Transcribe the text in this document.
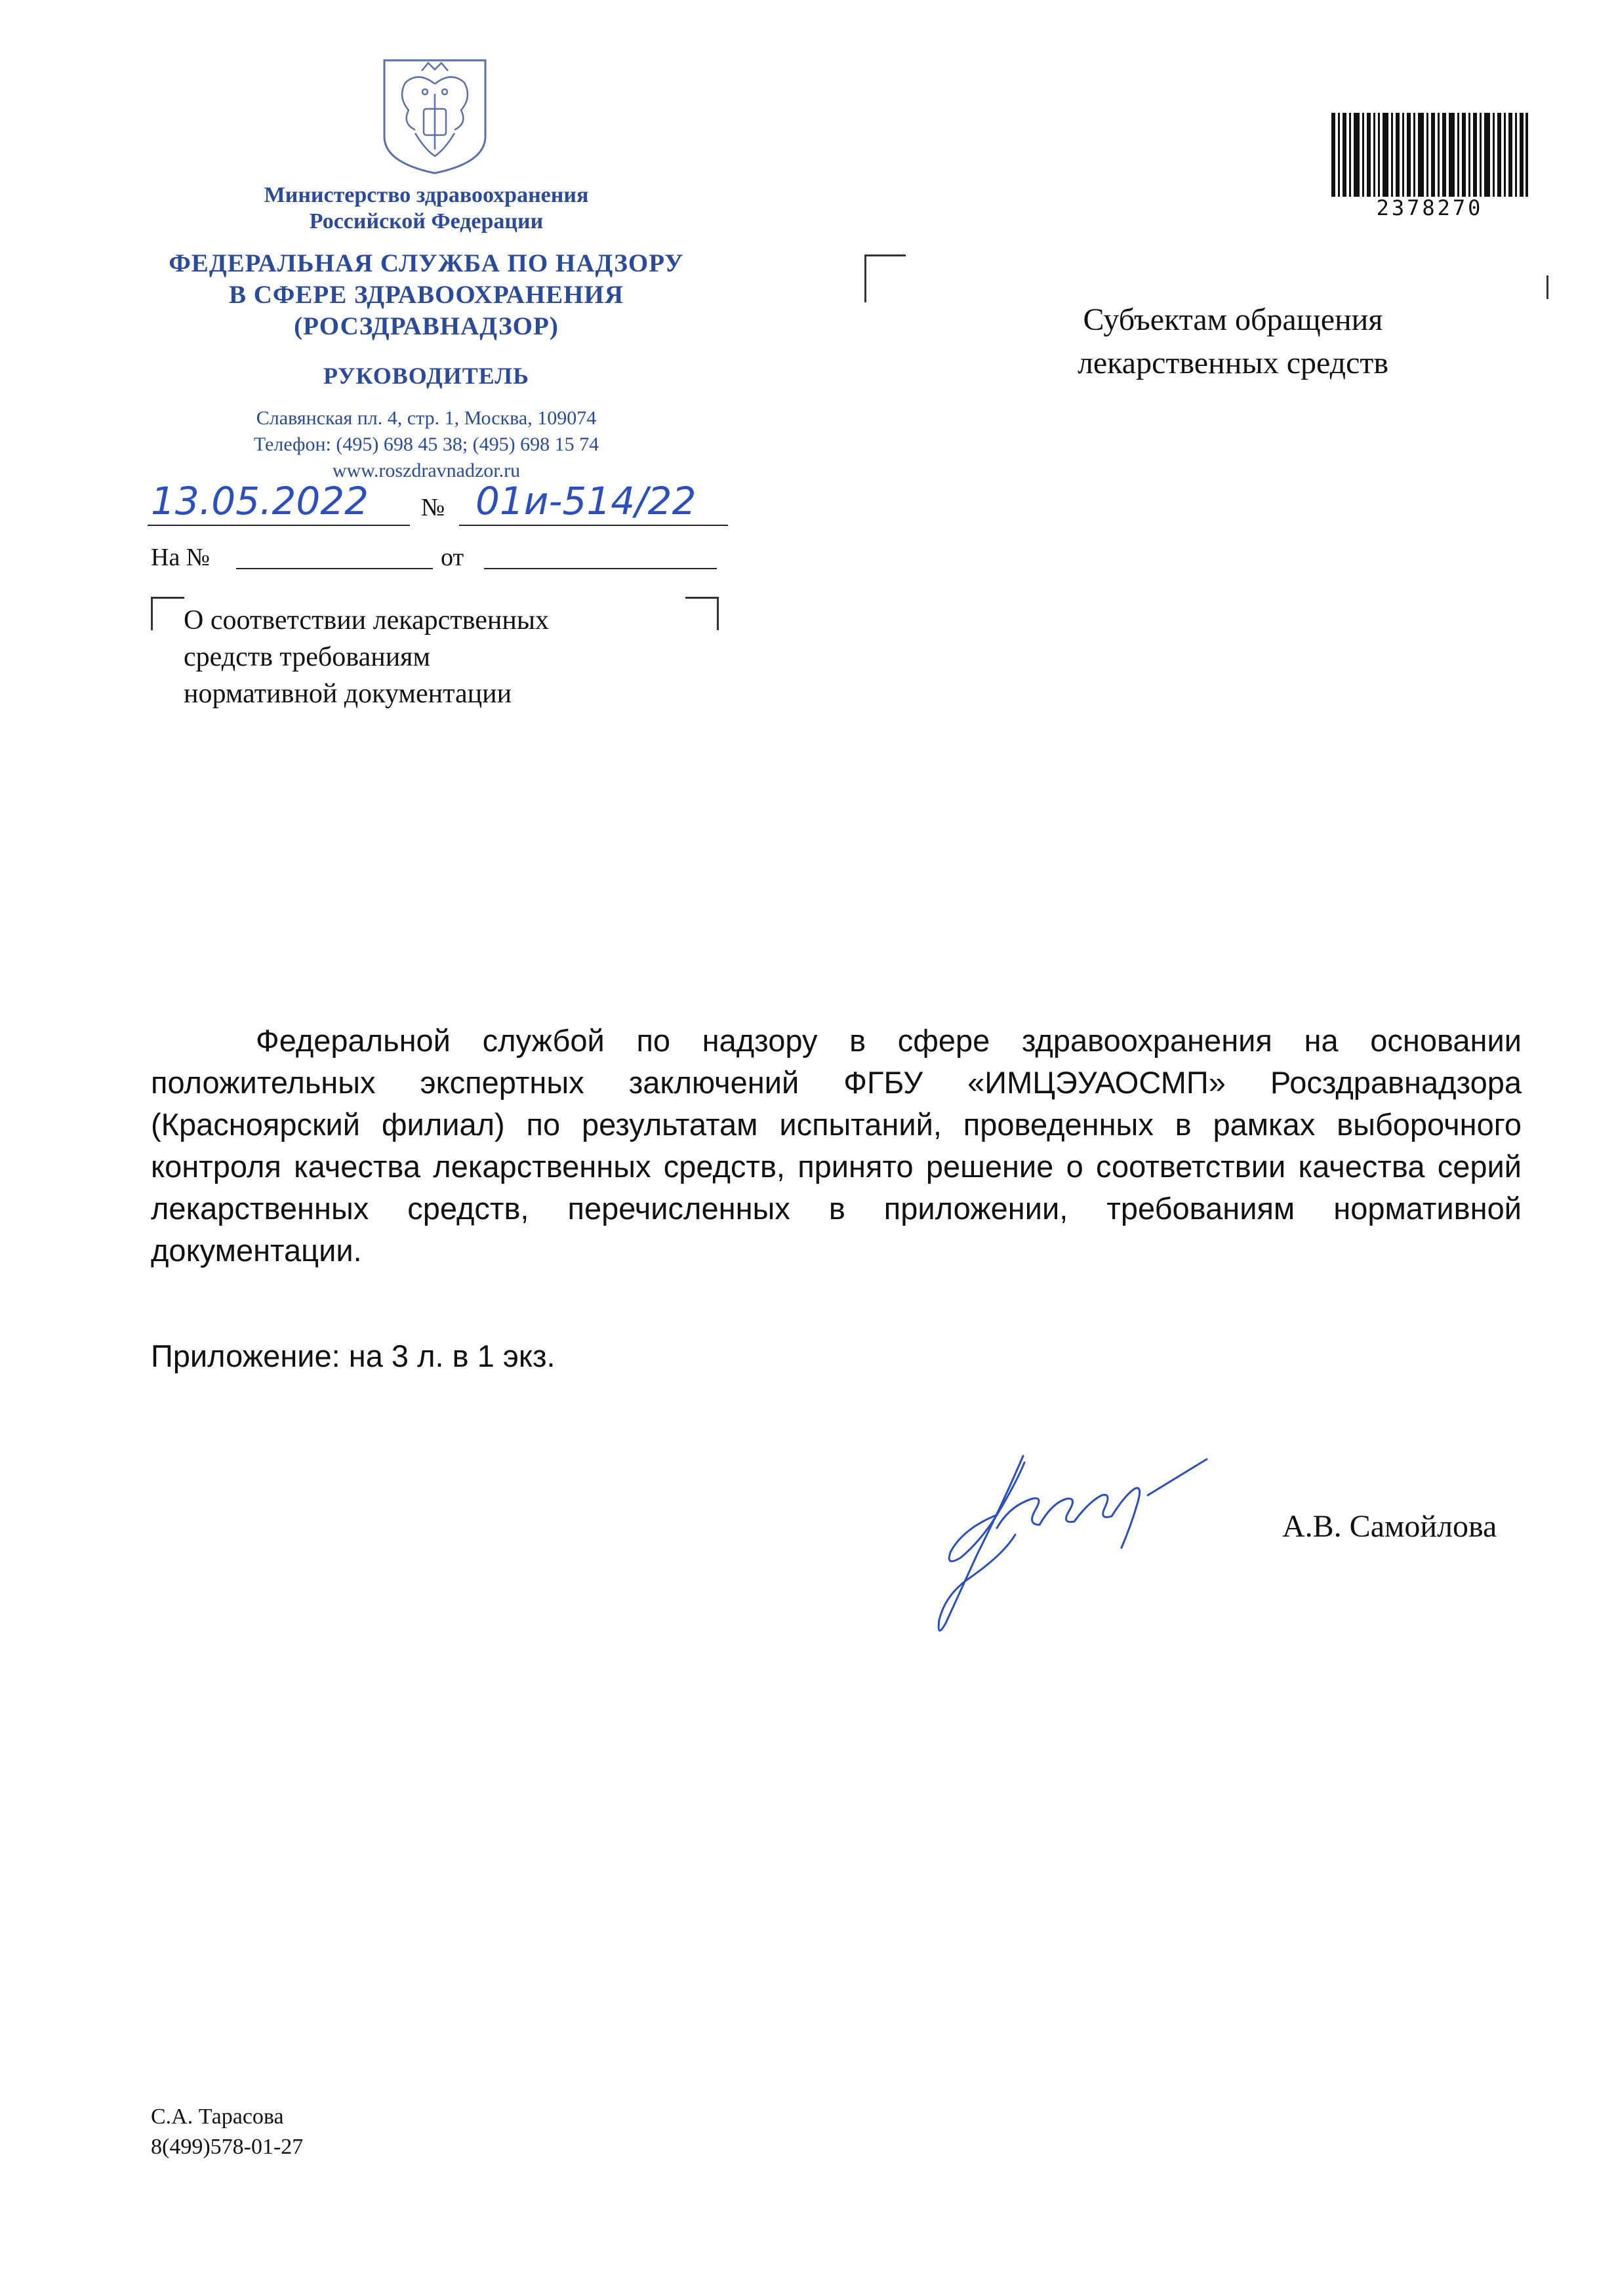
Министерство здравоохранения
Российской Федерации
ФЕДЕРАЛЬНАЯ СЛУЖБА ПО НАДЗОРУ
В СФЕРЕ ЗДРАВООХРАНЕНИЯ
(РОСЗДРАВНАДЗОР)
РУКОВОДИТЕЛЬ
Славянская пл. 4, стр. 1, Москва, 109074
Телефон: (495) 698 45 38; (495) 698 15 74
www.roszdravnadzor.ru
13.05.2022 № 01и-514/22
На №	от
О соответствии лекарственных
средств требованиям
нормативной документации
Субъектам обращения
лекарственных средств
2378270
Федеральной службой по надзору в сфере здравоохранения на основании положительных экспертных заключений ФГБУ «ИМЦЭУАОСМП» Росздравнадзора (Красноярский филиал) по результатам испытаний, проведенных в рамках выборочного контроля качества лекарственных средств, принято решение о соответствии качества серий лекарственных средств, перечисленных в приложении, требованиям нормативной документации.
Приложение: на 3 л. в 1 экз.
А.В. Самойлова
С.А. Тарасова
8(499)578-01-27
